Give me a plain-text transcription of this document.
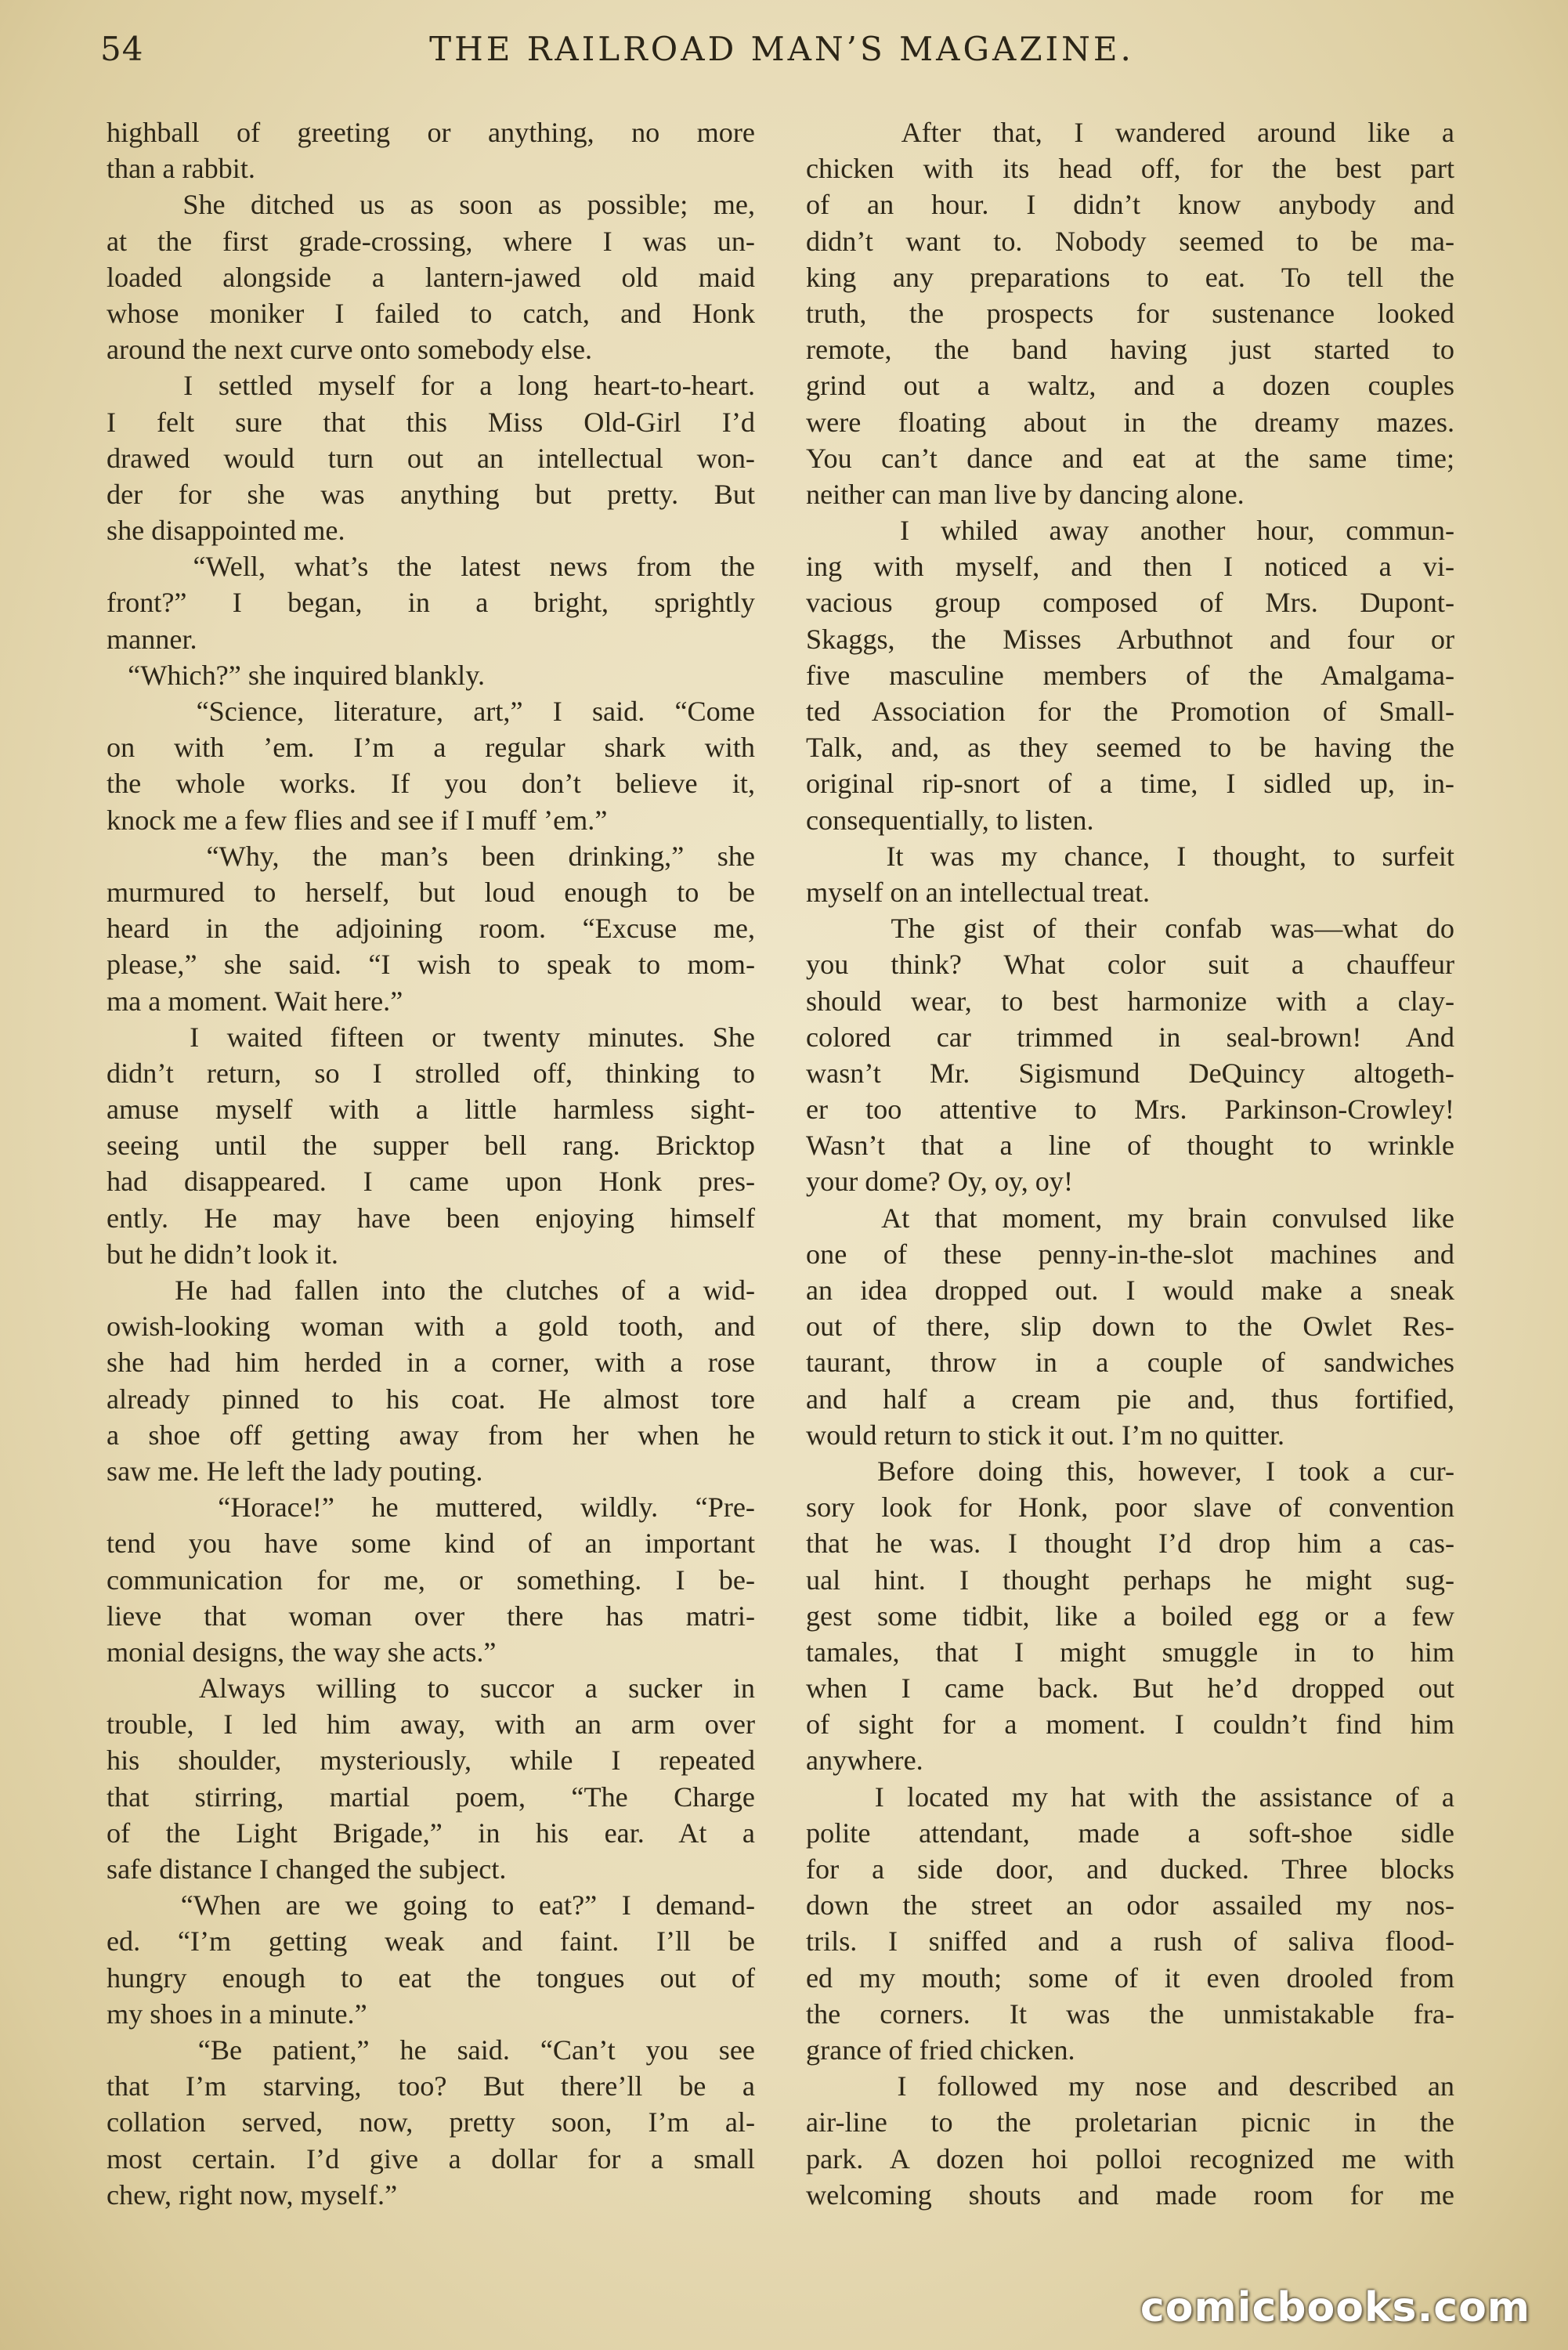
54	THE RAILROAD MAN’S MAGAZINE.
highball of greeting or anything, no more
than a rabbit.
She ditched us as soon as possible; me,
at the first grade-crossing, where I was un-
loaded alongside a lantern-jawed old maid
whose moniker I failed to catch, and Honk
around the next curve onto somebody else.
I settled myself for a long heart-to-heart.
I felt sure that this Miss Old-Girl I’d
drawed would turn out an intellectual won-
der for she was anything but pretty. But
she disappointed me.
“Well, what’s the latest news from the
front?” I began, in a bright, sprightly
manner.
“Which?” she inquired blankly.
“Science, literature, art,” I said. “Come
on with ’em. I’m a regular shark with
the whole works. If you don’t believe it,
knock me a few flies and see if I muff ’em.”
“Why, the man’s been drinking,” she
murmured to herself, but loud enough to be
heard in the adjoining room. “Excuse me,
please,” she said. “I wish to speak to mom-
ma a moment. Wait here.”
I waited fifteen or twenty minutes. She
didn’t return, so I strolled off, thinking to
amuse myself with a little harmless sight-
seeing until the supper bell rang. Bricktop
had disappeared. I came upon Honk pres-
ently. He may have been enjoying himself
but he didn’t look it.
He had fallen into the clutches of a wid-
owish-looking woman with a gold tooth, and
she had him herded in a corner, with a rose
already pinned to his coat. He almost tore
a shoe off getting away from her when he
saw me. He left the lady pouting.
“Horace!” he muttered, wildly. “Pre-
tend you have some kind of an important
communication for me, or something. I be-
lieve that woman over there has matri-
monial designs, the way she acts.”
Always willing to succor a sucker in
trouble, I led him away, with an arm over
his shoulder, mysteriously, while I repeated
that stirring, martial poem, “The Charge
of the Light Brigade,” in his ear. At a
safe distance I changed the subject.
“When are we going to eat?” I demand-
ed. “I’m getting weak and faint. I’ll be
hungry enough to eat the tongues out of
my shoes in a minute.”
“Be patient,” he said. “Can’t you see
that I’m starving, too? But there’ll be a
collation served, now, pretty soon, I’m al-
most certain. I’d give a dollar for a small
chew, right now, myself.”
After that, I wandered around like a
chicken with its head off, for the best part
of an hour. I didn’t know anybody and
didn’t want to. Nobody seemed to be ma-
king any preparations to eat. To tell the
truth, the prospects for sustenance looked
remote, the band having just started to
grind out a waltz, and a dozen couples
were floating about in the dreamy mazes.
You can’t dance and eat at the same time;
neither can man live by dancing alone.
I whiled away another hour, commun-
ing with myself, and then I noticed a vi-
vacious group composed of Mrs. Dupont-
Skaggs, the Misses Arbuthnot and four or
five masculine members of the Amalgama-
ted Association for the Promotion of Small-
Talk, and, as they seemed to be having the
original rip-snort of a time, I sidled up, in-
consequentially, to listen.
It was my chance, I thought, to surfeit
myself on an intellectual treat.
The gist of their confab was—what do
you think? What color suit a chauffeur
should wear, to best harmonize with a clay-
colored car trimmed in seal-brown! And
wasn’t Mr. Sigismund DeQuincy altogeth-
er too attentive to Mrs. Parkinson-Crowley!
Wasn’t that a line of thought to wrinkle
your dome? Oy, oy, oy!
At that moment, my brain convulsed like
one of these penny-in-the-slot machines and
an idea dropped out. I would make a sneak
out of there, slip down to the Owlet Res-
taurant, throw in a couple of sandwiches
and half a cream pie and, thus fortified,
would return to stick it out. I’m no quitter.
Before doing this, however, I took a cur-
sory look for Honk, poor slave of convention
that he was. I thought I’d drop him a cas-
ual hint. I thought perhaps he might sug-
gest some tidbit, like a boiled egg or a few
tamales, that I might smuggle in to him
when I came back. But he’d dropped out
of sight for a moment. I couldn’t find him
anywhere.
I located my hat with the assistance of a
polite attendant, made a soft-shoe sidle
for a side door, and ducked. Three blocks
down the street an odor assailed my nos-
trils. I sniffed and a rush of saliva flood-
ed my mouth; some of it even drooled from
the corners. It was the unmistakable fra-
grance of fried chicken.
I followed my nose and described an
air-line to the proletarian picnic in the
park. A dozen hoi polloi recognized me with
welcoming shouts and made room for me
comicbooks.com
